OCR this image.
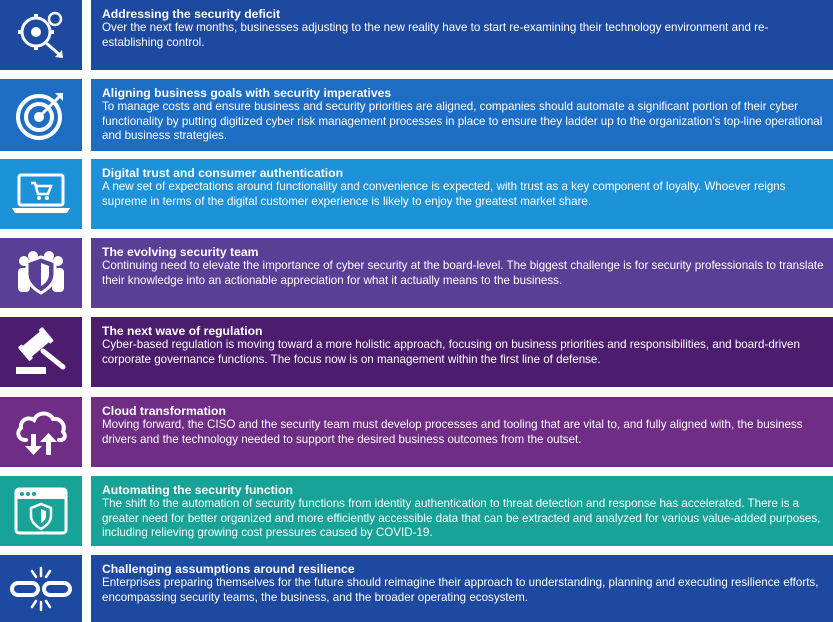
Addressing the security deficit
Over the next few months, businesses adjusting to the new reality have to start re-examining their technology environment and re-establishing control.
Aligning business goals with security imperatives
To manage costs and ensure business and security priorities are aligned, companies should automate a significant portion of their cyber functionality by putting digitized cyber risk management processes in place to ensure they ladder up to the organization’s top-line operational and business strategies.
Digital trust and consumer authentication
A new set of expectations around functionality and convenience is expected, with trust as a key component of loyalty. Whoever reigns supreme in terms of the digital customer experience is likely to enjoy the greatest market share.
The evolving security team
Continuing need to elevate the importance of cyber security at the board-level. The biggest challenge is for security professionals to translate their knowledge into an actionable appreciation for what it actually means to the business.
The next wave of regulation
Cyber-based regulation is moving toward a more holistic approach, focusing on business priorities and responsibilities, and board-driven corporate governance functions. The focus now is on management within the first line of defense.
Cloud transformation
Moving forward, the CISO and the security team must develop processes and tooling that are vital to, and fully aligned with, the business drivers and the technology needed to support the desired business outcomes from the outset.
Automating the security function
The shift to the automation of security functions from identity authentication to threat detection and response has accelerated. There is a greater need for better organized and more efficiently accessible data that can be extracted and analyzed for various value-added purposes, including relieving growing cost pressures caused by COVID-19.
Challenging assumptions around resilience
Enterprises preparing themselves for the future should reimagine their approach to understanding, planning and executing resilience efforts, encompassing security teams, the business, and the broader operating ecosystem.
